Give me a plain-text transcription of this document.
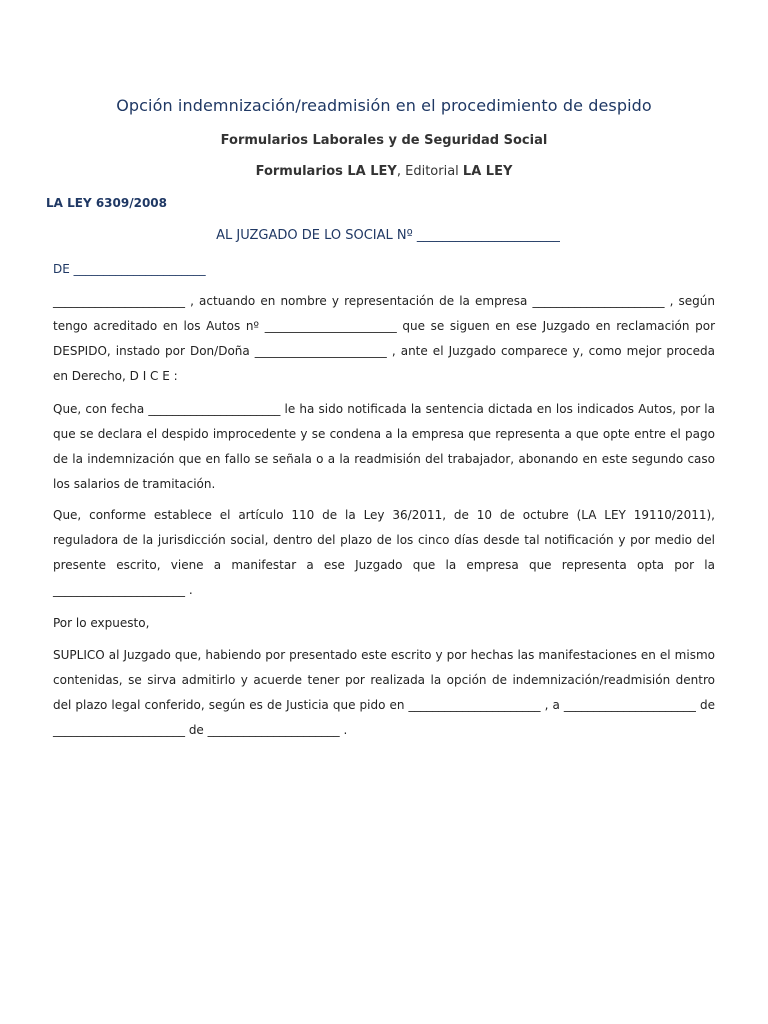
Opción indemnización/readmisión en el procedimiento de despido
Formularios Laborales y de Seguridad Social
Formularios LA LEY, Editorial LA LEY
LA LEY 6309/2008
AL JUZGADO DE LO SOCIAL Nº ______________________
DE ______________________
______________________ , actuando en nombre y representación de la empresa ______________________ , según tengo acreditado en los Autos nº ______________________ que se siguen en ese Juzgado en reclamación por DESPIDO, instado por Don/Doña ______________________ , ante el Juzgado comparece y, como mejor proceda en Derecho, D I C E :
Que, con fecha ______________________ le ha sido notificada la sentencia dictada en los indicados Autos, por la que se declara el despido improcedente y se condena a la empresa que representa a que opte entre el pago de la indemnización que en fallo se señala o a la readmisión del trabajador, abonando en este segundo caso los salarios de tramitación.
Que, conforme establece el artículo 110 de la Ley 36/2011, de 10 de octubre (LA LEY 19110/2011), reguladora de la jurisdicción social, dentro del plazo de los cinco días desde tal notificación y por medio del presente escrito, viene a manifestar a ese Juzgado que la empresa que representa opta por la ______________________ .
Por lo expuesto,
SUPLICO al Juzgado que, habiendo por presentado este escrito y por hechas las manifestaciones en el mismo contenidas, se sirva admitirlo y acuerde tener por realizada la opción de indemnización/readmisión dentro del plazo legal conferido, según es de Justicia que pido en ______________________ , a ______________________ de ______________________ de ______________________ .
